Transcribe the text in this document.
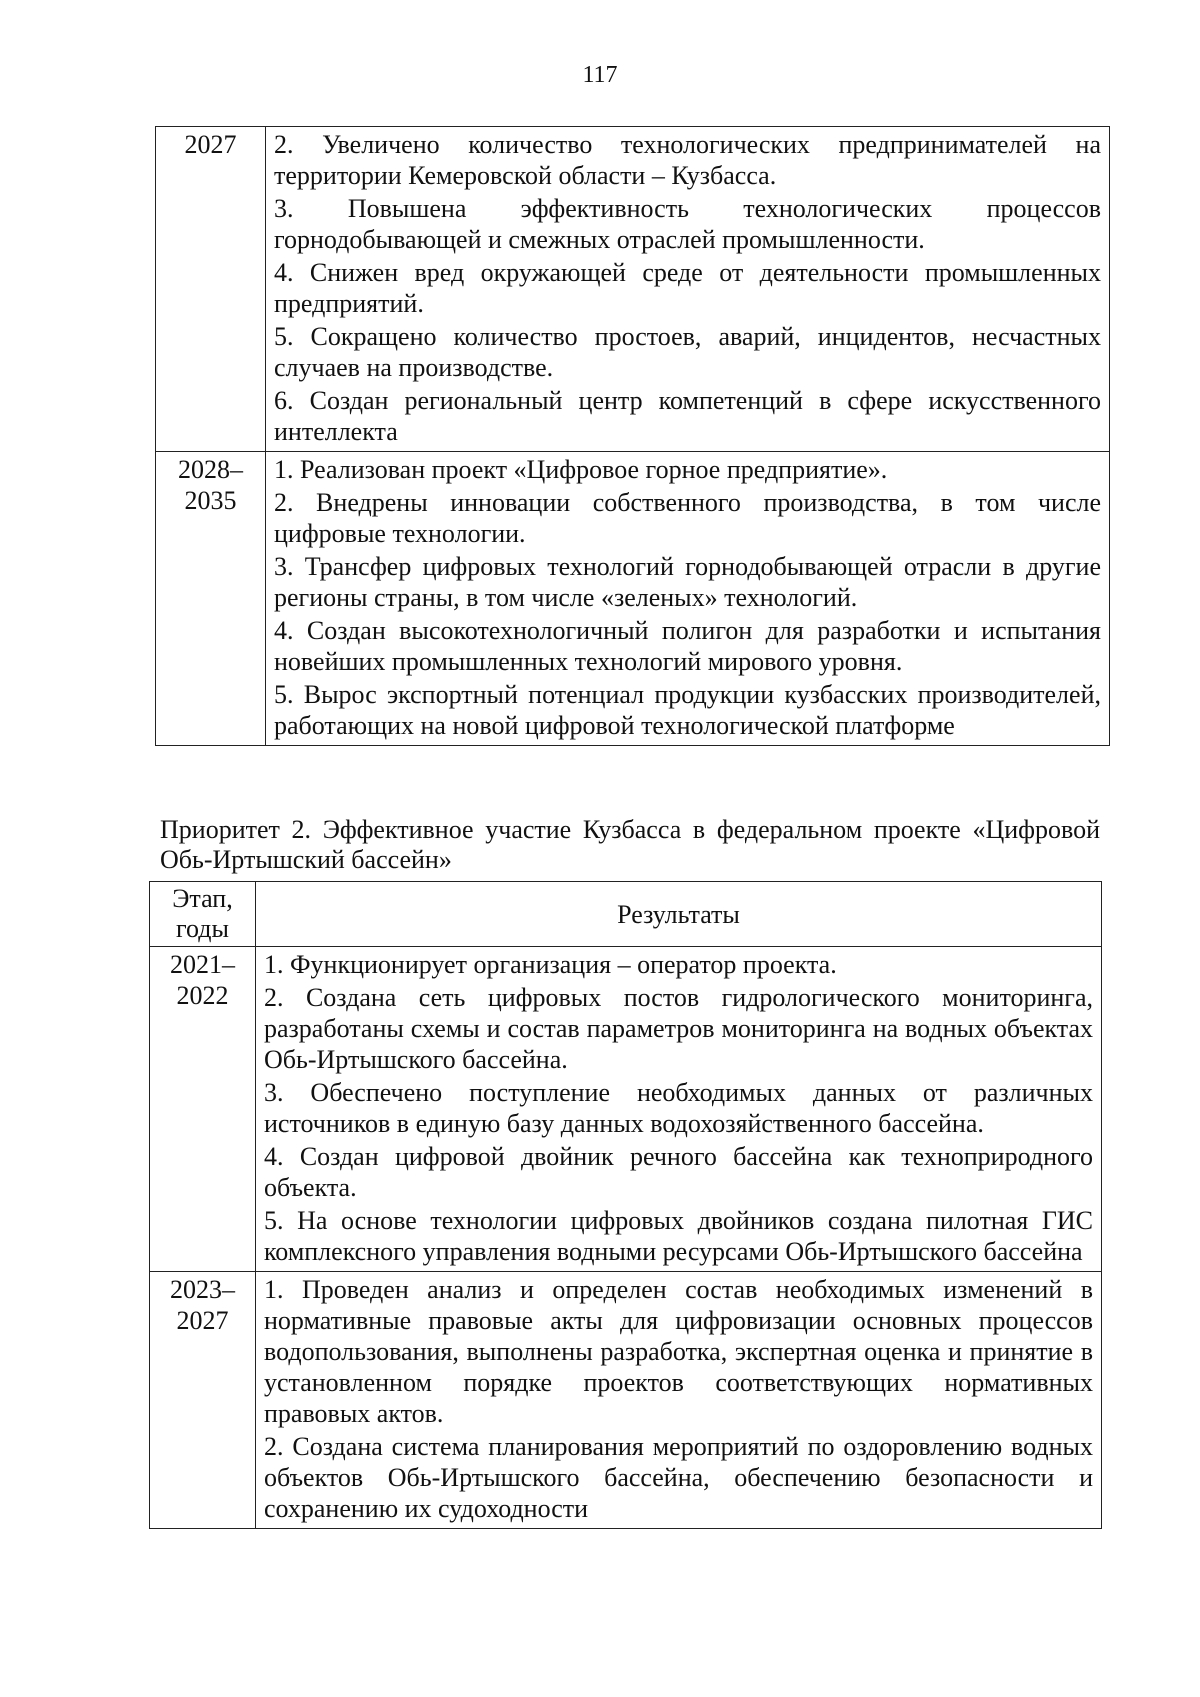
117
2027	2. Увеличено количество технологических предпринимателей на территории Кемеровской области – Кузбасса.

3. Повышена эффективность технологических процессов горнодобывающей и смежных отраслей промышленности.

4. Снижен вред окружающей среде от деятельности промышленных предприятий.

5. Сокращено количество простоев, аварий, инцидентов, несчастных случаев на производстве.

6. Создан региональный центр компетенций в сфере искусственного интеллекта

2028–2035	1. Реализован проект «Цифровое горное предприятие».

2. Внедрены инновации собственного производства, в том числе цифровые технологии.

3. Трансфер цифровых технологий горнодобывающей отрасли в другие регионы страны, в том числе «зеленых» технологий.

4. Создан высокотехнологичный полигон для разработки и испытания новейших промышленных технологий мирового уровня.

5. Вырос экспортный потенциал продукции кузбасских производителей, работающих на новой цифровой технологической платформе

Приоритет 2. Эффективное участие Кузбасса в федеральном проекте «Цифровой Обь-Иртышский бассейн»

Этап, годы	Результаты
2021–2022	1. Функционирует организация – оператор проекта.

2. Создана сеть цифровых постов гидрологического мониторинга, разработаны схемы и состав параметров мониторинга на водных объектах Обь-Иртышского бассейна.

3. Обеспечено поступление необходимых данных от различных источников в единую базу данных водохозяйственного бассейна.

4. Создан цифровой двойник речного бассейна как техноприродного объекта.

5. На основе технологии цифровых двойников создана пилотная ГИС комплексного управления водными ресурсами Обь-Иртышского бассейна

2023–2027	1. Проведен анализ и определен состав необходимых изменений в нормативные правовые акты для цифровизации основных процессов водопользования, выполнены разработка, экспертная оценка и принятие в установленном порядке проектов соответствующих нормативных правовых актов.

2. Создана система планирования мероприятий по оздоровлению водных объектов Обь-Иртышского бассейна, обеспечению безопасности и сохранению их судоходности
